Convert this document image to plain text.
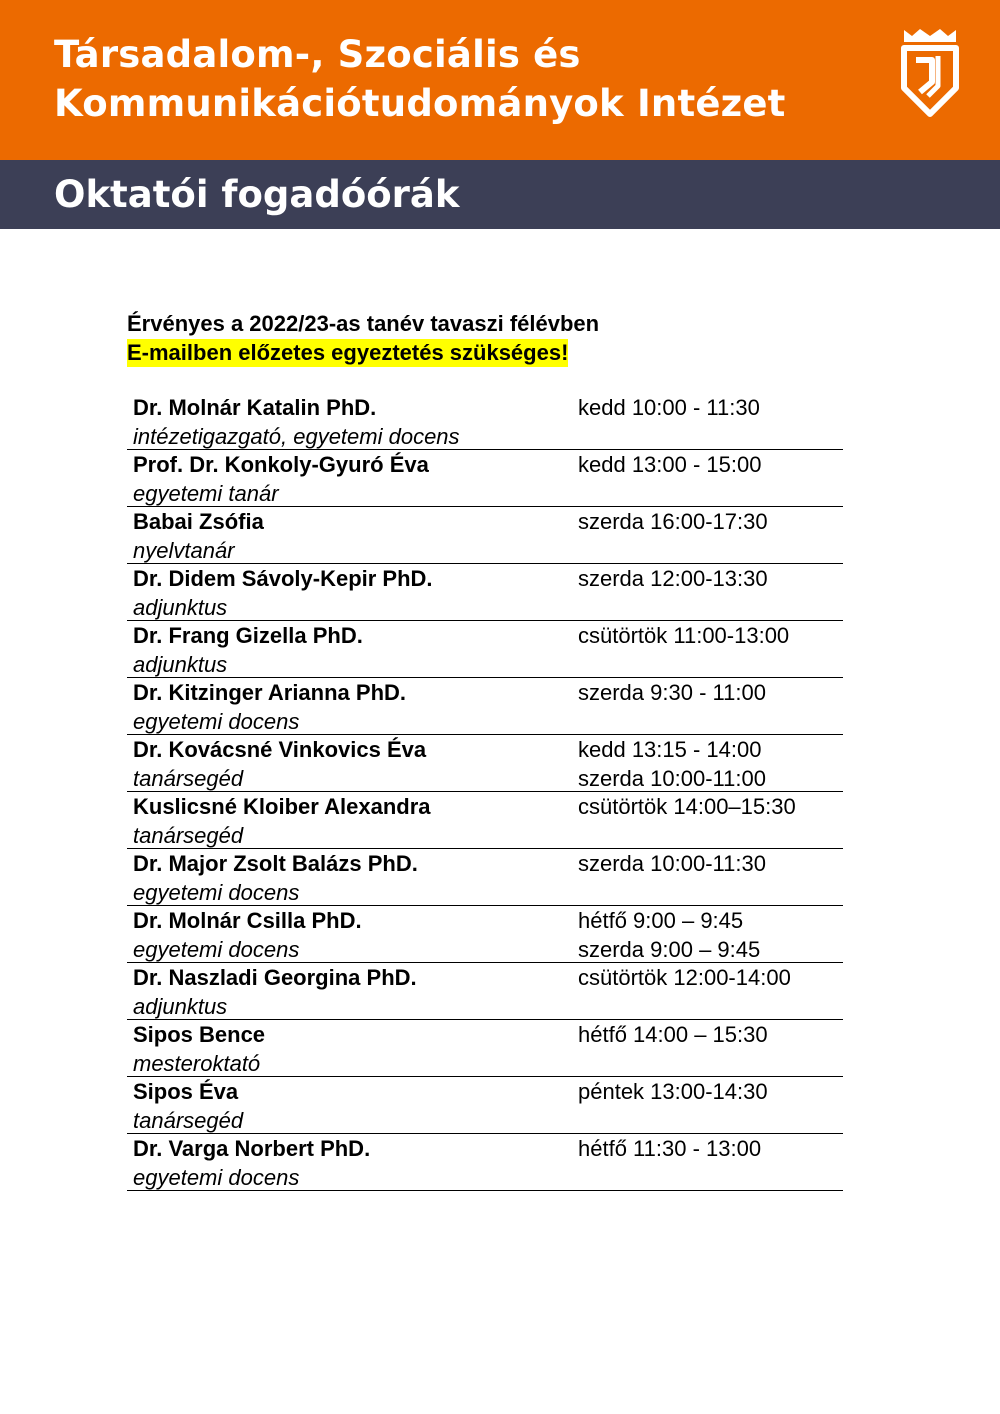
Társadalom-, Szociális és
Kommunikációtudományok Intézet
Oktatói fogadóórák
Érvényes a 2022/23-as tanév tavaszi félévben
E-mailben előzetes egyeztetés szükséges!
Dr. Molnár Katalin PhD.
intézetigazgató, egyetemi docens
kedd 10:00 - 11:30
Prof. Dr. Konkoly-Gyuró Éva
egyetemi tanár
kedd 13:00 - 15:00
Babai Zsófia
nyelvtanár
szerda 16:00-17:30
Dr. Didem Sávoly-Kepir PhD.
adjunktus
szerda 12:00-13:30
Dr. Frang Gizella PhD.
adjunktus
csütörtök 11:00-13:00
Dr. Kitzinger Arianna PhD.
egyetemi docens
szerda 9:30 - 11:00
Dr. Kovácsné Vinkovics Éva
tanársegéd
kedd 13:15 - 14:00
szerda 10:00-11:00
Kuslicsné Kloiber Alexandra
tanársegéd
csütörtök 14:00–15:30
Dr. Major Zsolt Balázs PhD.
egyetemi docens
szerda 10:00-11:30
Dr. Molnár Csilla PhD.
egyetemi docens
hétfő 9:00 – 9:45
szerda 9:00 – 9:45
Dr. Naszladi Georgina PhD.
adjunktus
csütörtök 12:00-14:00
Sipos Bence
mesteroktató
hétfő 14:00 – 15:30
Sipos Éva
tanársegéd
péntek 13:00-14:30
Dr. Varga Norbert PhD.
egyetemi docens
hétfő 11:30 - 13:00
